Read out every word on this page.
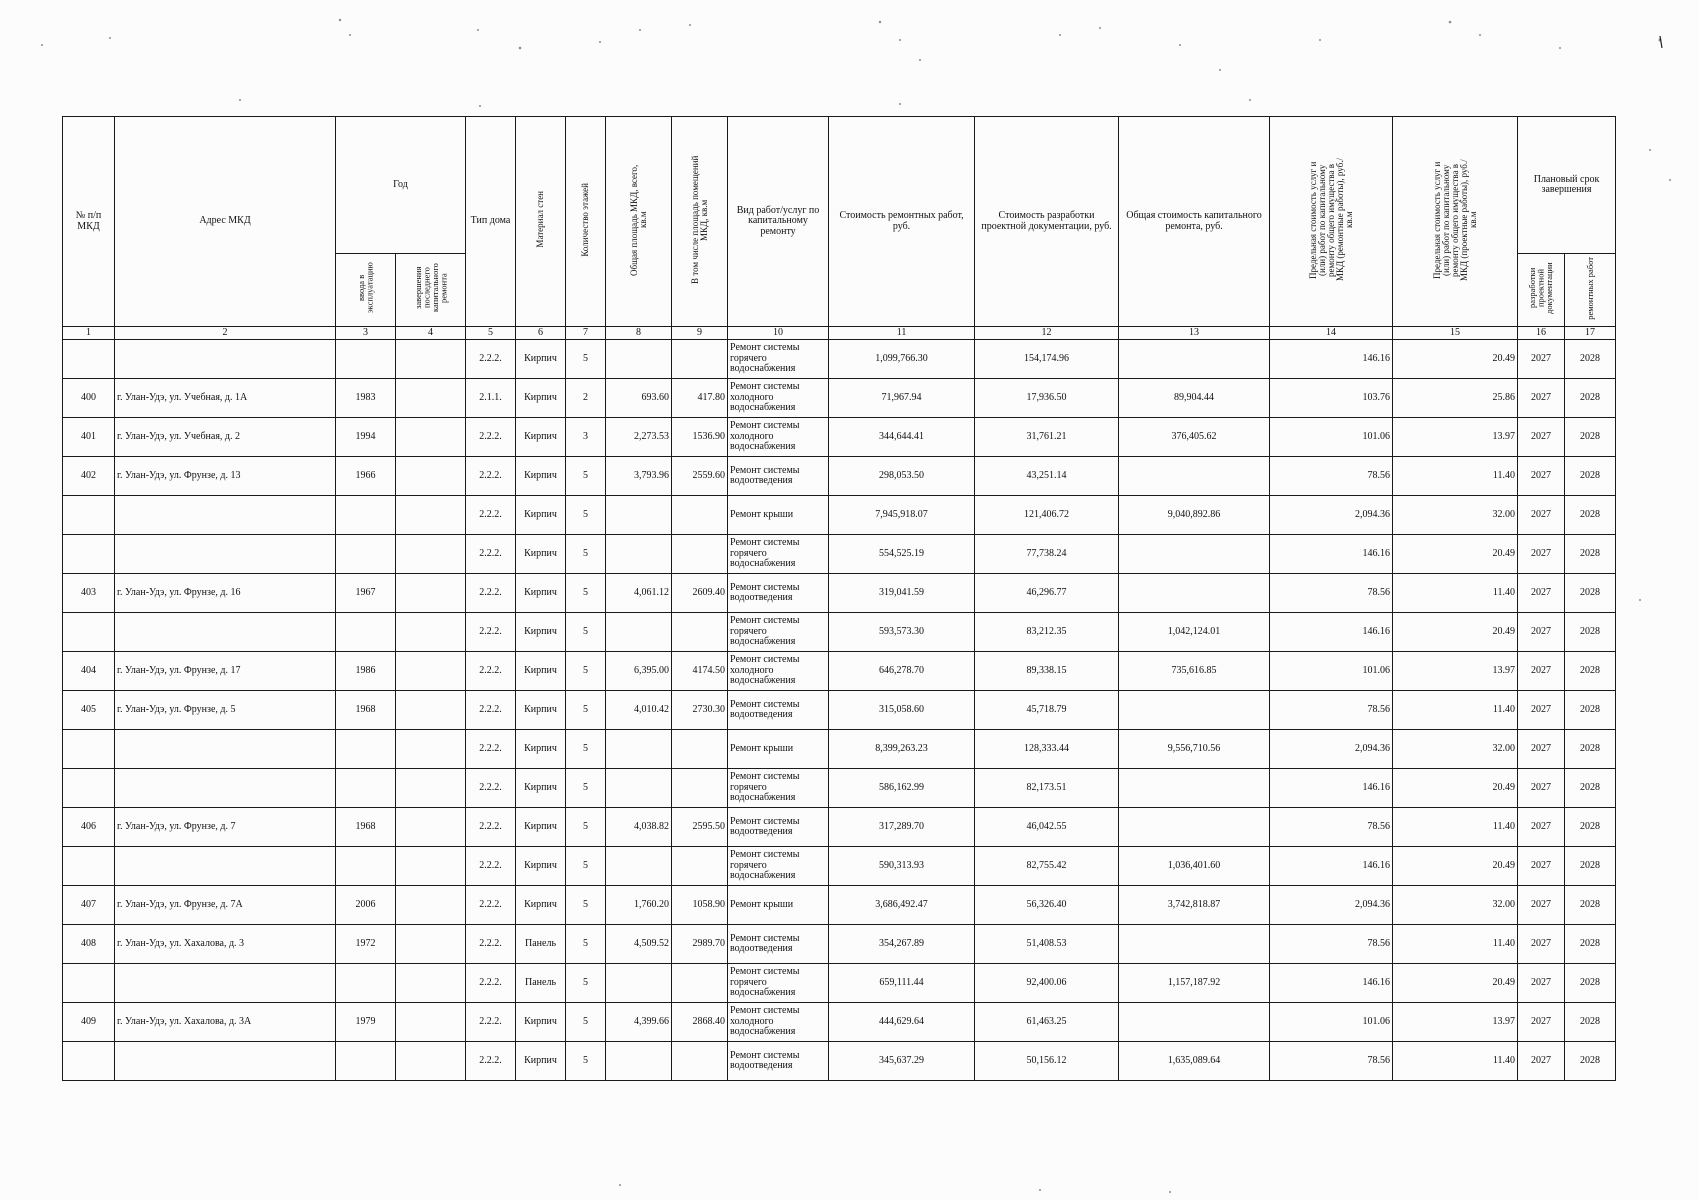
№ п/п МКД	Адрес МКД	Год		Тип дома	Материал стен	Количество этажей	Общая площадь МКД, всего, кв.м	В том числе площадь помещений МКД, кв.м	Вид работ/услуг по капитальному ремонту	Стоимость ремонтных работ, руб.	Стоимость разработки проектной документации, руб.	Общая стоимость капитального ремонта, руб.	Предельная стоимость услуг и (или) работ по капитальному ремонту общего имущества в МКД (ремонтные работы), руб./кв.м	Предельная стоимость услуг и (или) работ по капитальному ремонту общего имущества в МКД (проектные работы), руб./кв.м	Плановый срок завершения	
		ввода в эксплуатацию	завершения последнего капитального ремонта												разработки проектной документации	ремонтных работ
1	2	3	4	5	6	7	8	9	10	11	12	13	14	15	16	17
				2.2.2.	Кирпич	5			Ремонт системы горячего водоснабжения	1,099,766.30	154,174.96		146.16	20.49	2027	2028
400	г. Улан-Удэ, ул. Учебная, д. 1А	1983		2.1.1.	Кирпич	2	693.60	417.80	Ремонт системы холодного водоснабжения	71,967.94	17,936.50	89,904.44	103.76	25.86	2027	2028
401	г. Улан-Удэ, ул. Учебная, д. 2	1994		2.2.2.	Кирпич	3	2,273.53	1536.90	Ремонт системы холодного водоснабжения	344,644.41	31,761.21	376,405.62	101.06	13.97	2027	2028
402	г. Улан-Удэ, ул. Фрунзе, д. 13	1966		2.2.2.	Кирпич	5	3,793.96	2559.60	Ремонт системы водоотведения	298,053.50	43,251.14		78.56	11.40	2027	2028
				2.2.2.	Кирпич	5			Ремонт крыши	7,945,918.07	121,406.72	9,040,892.86	2,094.36	32.00	2027	2028
				2.2.2.	Кирпич	5			Ремонт системы горячего водоснабжения	554,525.19	77,738.24		146.16	20.49	2027	2028
403	г. Улан-Удэ, ул. Фрунзе, д. 16	1967		2.2.2.	Кирпич	5	4,061.12	2609.40	Ремонт системы водоотведения	319,041.59	46,296.77		78.56	11.40	2027	2028
				2.2.2.	Кирпич	5			Ремонт системы горячего водоснабжения	593,573.30	83,212.35	1,042,124.01	146.16	20.49	2027	2028
404	г. Улан-Удэ, ул. Фрунзе, д. 17	1986		2.2.2.	Кирпич	5	6,395.00	4174.50	Ремонт системы холодного водоснабжения	646,278.70	89,338.15	735,616.85	101.06	13.97	2027	2028
405	г. Улан-Удэ, ул. Фрунзе, д. 5	1968		2.2.2.	Кирпич	5	4,010.42	2730.30	Ремонт системы водоотведения	315,058.60	45,718.79		78.56	11.40	2027	2028
				2.2.2.	Кирпич	5			Ремонт крыши	8,399,263.23	128,333.44	9,556,710.56	2,094.36	32.00	2027	2028
				2.2.2.	Кирпич	5			Ремонт системы горячего водоснабжения	586,162.99	82,173.51		146.16	20.49	2027	2028
406	г. Улан-Удэ, ул. Фрунзе, д. 7	1968		2.2.2.	Кирпич	5	4,038.82	2595.50	Ремонт системы водоотведения	317,289.70	46,042.55		78.56	11.40	2027	2028
				2.2.2.	Кирпич	5			Ремонт системы горячего водоснабжения	590,313.93	82,755.42	1,036,401.60	146.16	20.49	2027	2028
407	г. Улан-Удэ, ул. Фрунзе, д. 7А	2006		2.2.2.	Кирпич	5	1,760.20	1058.90	Ремонт крыши	3,686,492.47	56,326.40	3,742,818.87	2,094.36	32.00	2027	2028
408	г. Улан-Удэ, ул. Хахалова, д. 3	1972		2.2.2.	Панель	5	4,509.52	2989.70	Ремонт системы водоотведения	354,267.89	51,408.53		78.56	11.40	2027	2028
				2.2.2.	Панель	5			Ремонт системы горячего водоснабжения	659,111.44	92,400.06	1,157,187.92	146.16	20.49	2027	2028
409	г. Улан-Удэ, ул. Хахалова, д. 3А	1979		2.2.2.	Кирпич	5	4,399.66	2868.40	Ремонт системы холодного водоснабжения	444,629.64	61,463.25		101.06	13.97	2027	2028
				2.2.2.	Кирпич	5			Ремонт системы водоотведения	345,637.29	50,156.12	1,635,089.64	78.56	11.40	2027	2028
